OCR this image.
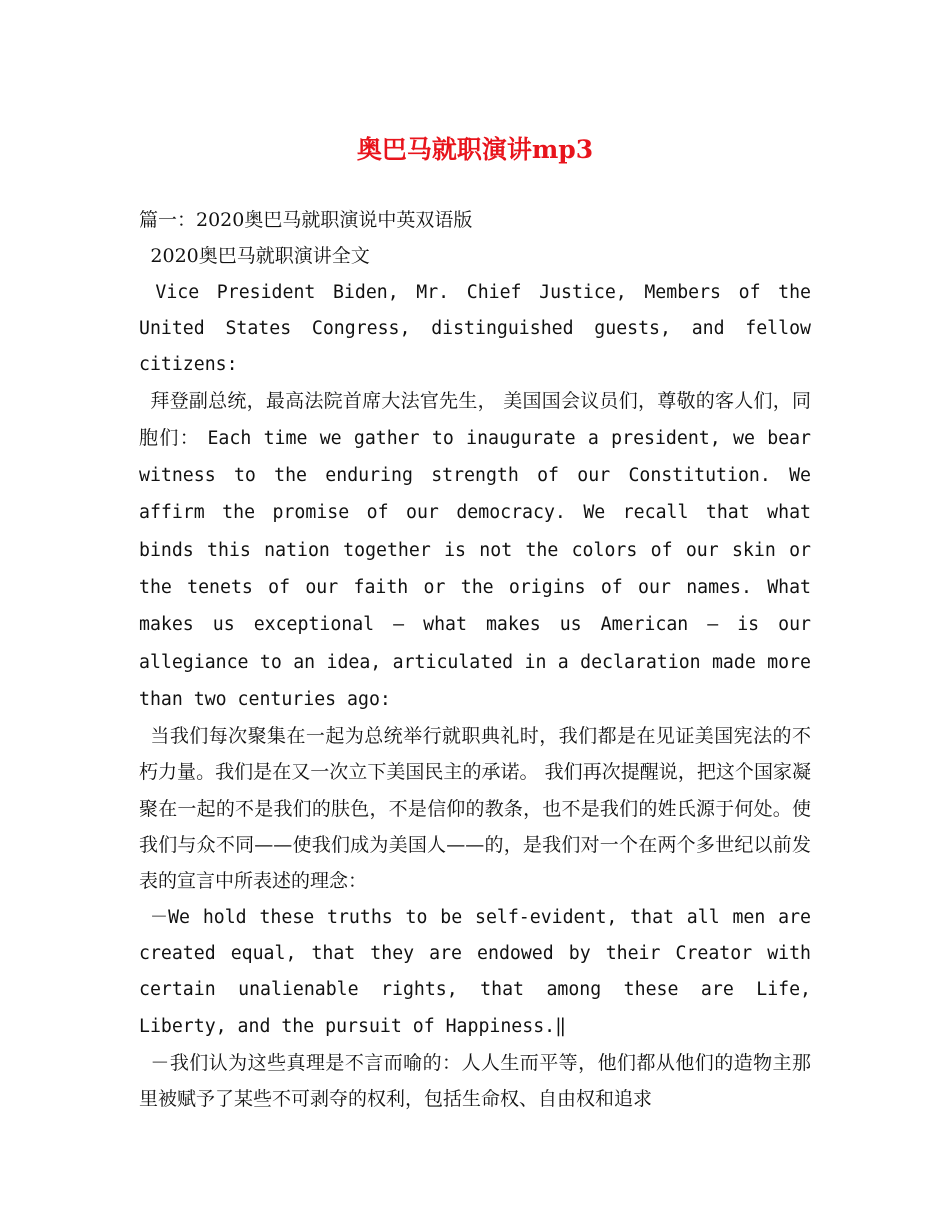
奥巴马就职演讲mp3

篇一：2020奥巴马就职演说中英双语版

2020奥巴马就职演讲全文

Vice President Biden, Mr. Chief Justice, Members of the United States Congress, distinguished guests, and fellow citizens:

拜登副总统，最高法院首席大法官先生， 美国国会议员们，尊敬的客人们，同胞们： Each time we gather to inaugurate a president, we bear witness to the enduring strength of our Constitution. We affirm the promise of our democracy. We recall that what binds this nation together is not the colors of our skin or the tenets of our faith or the origins of our names. What makes us exceptional – what makes us American – is our allegiance to an idea, articulated in a declaration made more than two centuries ago:

当我们每次聚集在一起为总统举行就职典礼时，我们都是在见证美国宪法的不朽力量。我们是在又一次立下美国民主的承诺。 我们再次提醒说，把这个国家凝聚在一起的不是我们的肤色，不是信仰的教条，也不是我们的姓氏源于何处。使我们与众不同——使我们成为美国人——的，是我们对一个在两个多世纪以前发表的宣言中所表述的理念：

－We hold these truths to be self-evident, that all men are created equal, that they are endowed by their Creator with certain unalienable rights, that among these are Life, Liberty, and the pursuit of Happiness.‖

－我们认为这些真理是不言而喻的：人人生而平等，他们都从他们的造物主那里被赋予了某些不可剥夺的权利，包括生命权、自由权和追求
